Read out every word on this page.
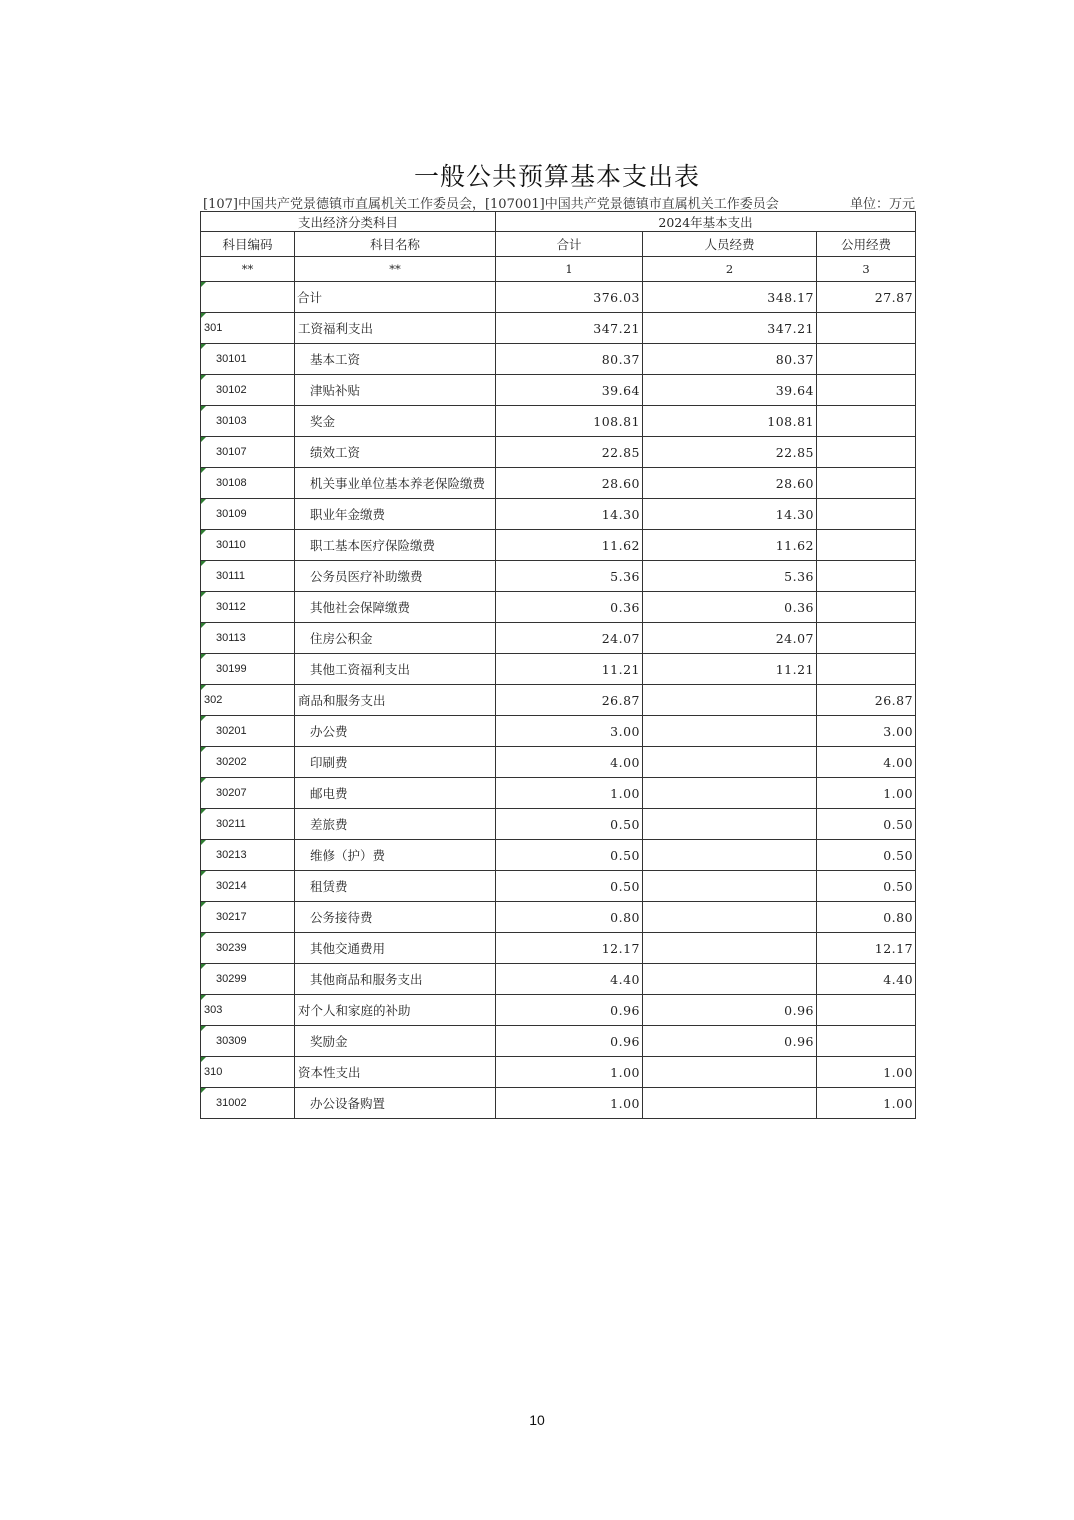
一般公共预算基本支出表
[107]中国共产党景德镇市直属机关工作委员会，[107001]中国共产党景德镇市直属机关工作委员会	单位：万元
支出经济分类科目		2024年基本支出		
科目编码	科目名称	合计	人员经费	公用经费
**	**	1	2	3

	合计	376.03	348.17	27.87

301	工资福利支出	347.21	347.21	

30101	基本工资	80.37	80.37	

30102	津贴补贴	39.64	39.64	

30103	奖金	108.81	108.81	

30107	绩效工资	22.85	22.85	

30108	机关事业单位基本养老保险缴费	28.60	28.60	

30109	职业年金缴费	14.30	14.30	

30110	职工基本医疗保险缴费	11.62	11.62	

30111	公务员医疗补助缴费	5.36	5.36	

30112	其他社会保障缴费	0.36	0.36	

30113	住房公积金	24.07	24.07	

30199	其他工资福利支出	11.21	11.21	

302	商品和服务支出	26.87		26.87

30201	办公费	3.00		3.00

30202	印刷费	4.00		4.00

30207	邮电费	1.00		1.00

30211	差旅费	0.50		0.50

30213	维修（护）费	0.50		0.50

30214	租赁费	0.50		0.50

30217	公务接待费	0.80		0.80

30239	其他交通费用	12.17		12.17

30299	其他商品和服务支出	4.40		4.40

303	对个人和家庭的补助	0.96	0.96	

30309	奖励金	0.96	0.96	

310	资本性支出	1.00		1.00

31002	办公设备购置	1.00		1.00
10
